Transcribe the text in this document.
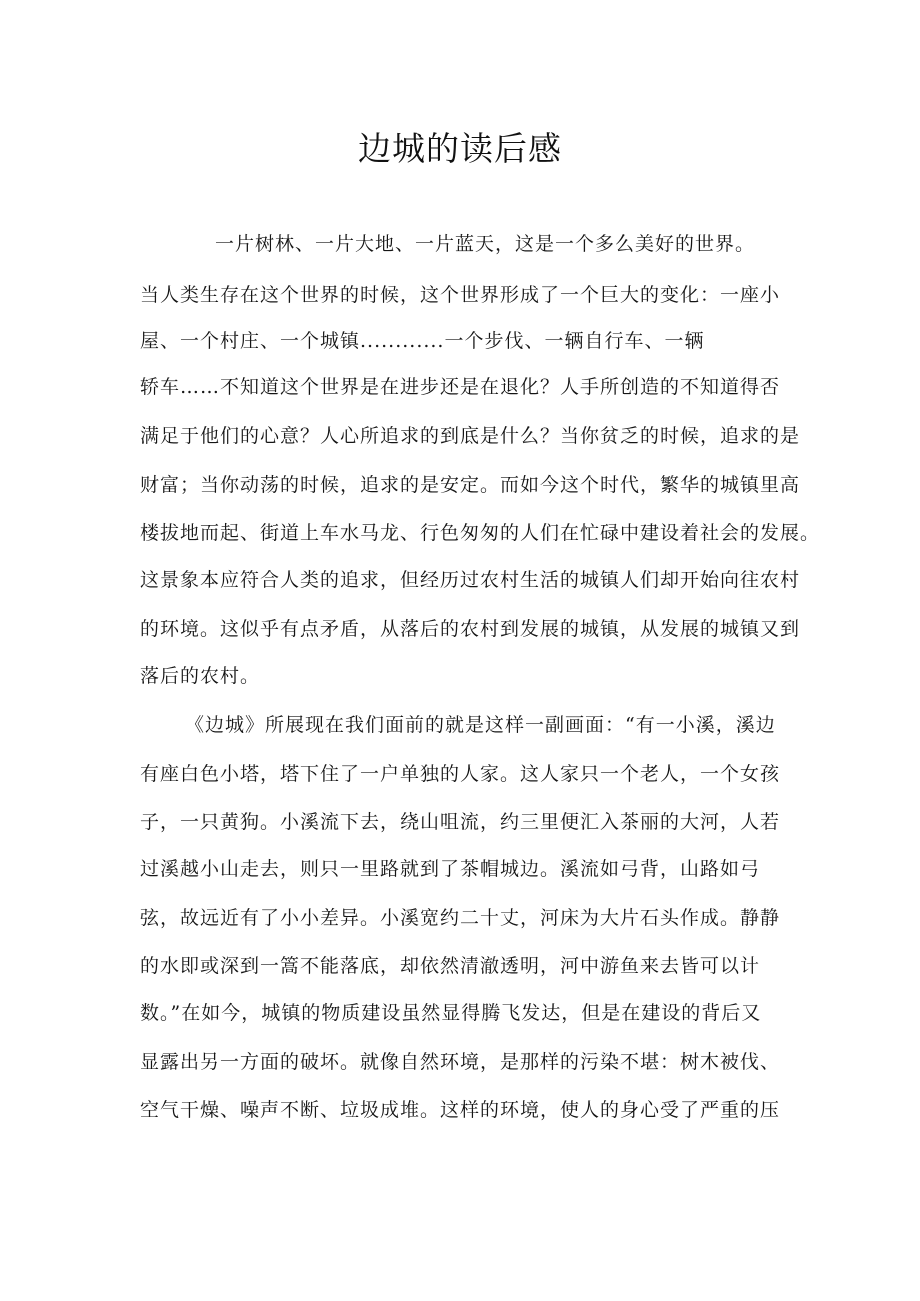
边城的读后感
一片树林、一片大地、一片蓝天，这是一个多么美好的世界。
当人类生存在这个世界的时候，这个世界形成了一个巨大的变化：一座小
屋、一个村庄、一个城镇............一个步伐、一辆自行车、一辆
轿车……不知道这个世界是在进步还是在退化？人手所创造的不知道得否
满足于他们的心意？人心所追求的到底是什么？当你贫乏的时候，追求的是
财富；当你动荡的时候，追求的是安定。而如今这个时代，繁华的城镇里高
楼拔地而起、街道上车水马龙、行色匆匆的人们在忙碌中建设着社会的发展。
这景象本应符合人类的追求，但经历过农村生活的城镇人们却开始向往农村
的环境。这似乎有点矛盾，从落后的农村到发展的城镇，从发展的城镇又到
落后的农村。
《边城》所展现在我们面前的就是这样一副画面：“有一小溪，溪边
有座白色小塔，塔下住了一户单独的人家。这人家只一个老人，一个女孩
子，一只黄狗。小溪流下去，绕山咀流，约三里便汇入茶丽的大河，人若
过溪越小山走去，则只一里路就到了茶帽城边。溪流如弓背，山路如弓
弦，故远近有了小小差异。小溪宽约二十丈，河床为大片石头作成。静静
的水即或深到一篙不能落底，却依然清澈透明，河中游鱼来去皆可以计
数。”在如今，城镇的物质建设虽然显得腾飞发达，但是在建设的背后又
显露出另一方面的破坏。就像自然环境，是那样的污染不堪：树木被伐、
空气干燥、噪声不断、垃圾成堆。这样的环境，使人的身心受了严重的压
